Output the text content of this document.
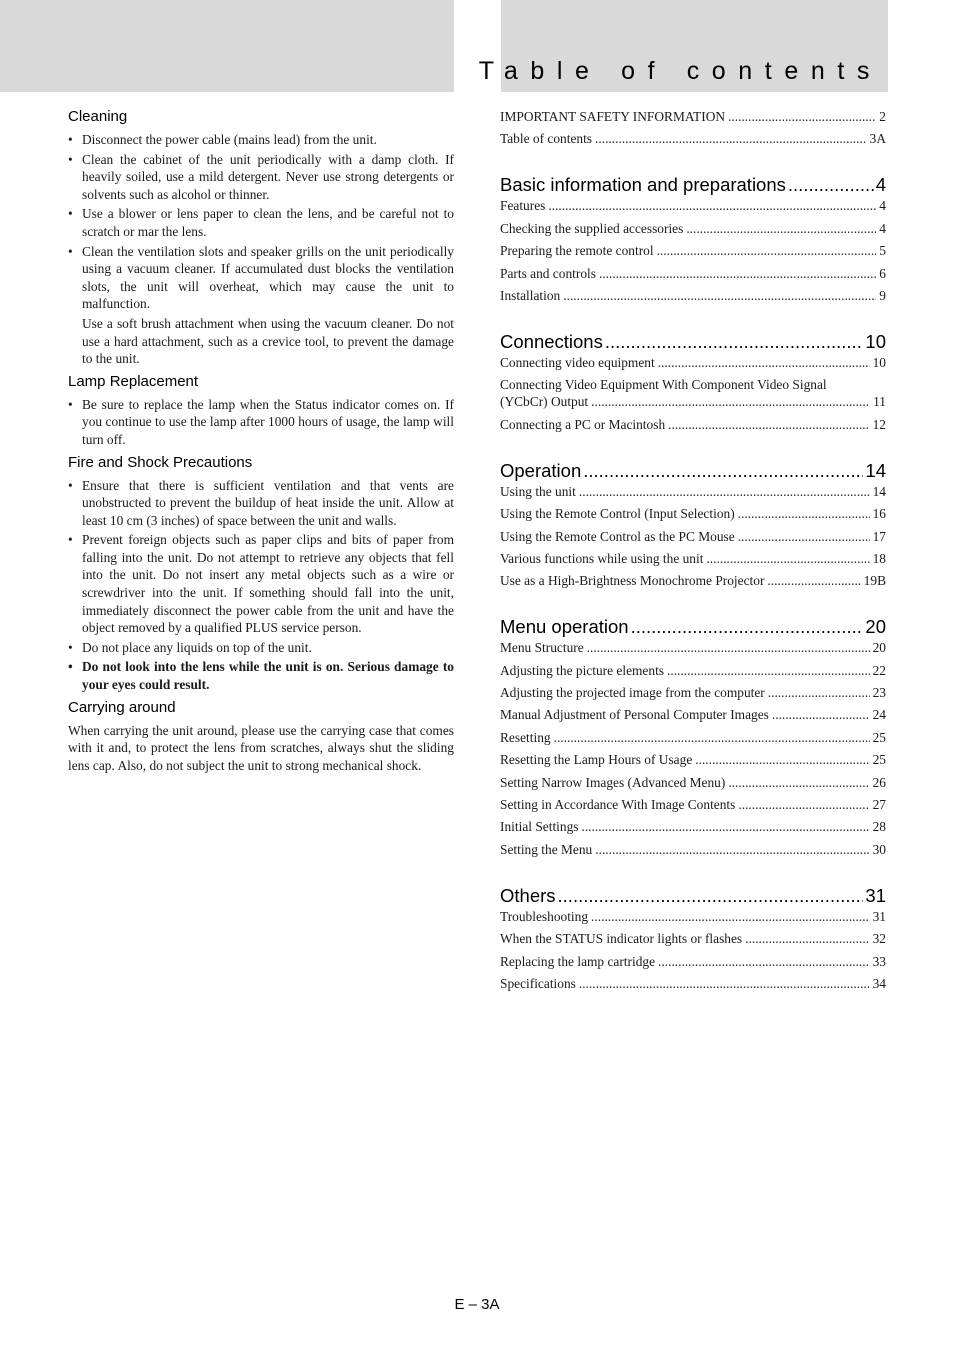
Table of contents
Cleaning
• Disconnect the power cable (mains lead) from the unit.
• Clean the cabinet of the unit periodically with a damp cloth. If heavily soiled, use a mild detergent. Never use strong detergents or solvents such as alcohol or thinner.
• Use a blower or lens paper to clean the lens, and be careful not to scratch or mar the lens.
• Clean the ventilation slots and speaker grills on the unit periodically using a vacuum cleaner. If accumulated dust blocks the ventilation slots, the unit will overheat, which may cause the unit to malfunction.
Use a soft brush attachment when using the vacuum cleaner. Do not use a hard attachment, such as a crevice tool, to prevent the damage to the unit.
Lamp Replacement
• Be sure to replace the lamp when the Status indicator comes on. If you continue to use the lamp after 1000 hours of usage, the lamp will turn off.
Fire and Shock Precautions
• Ensure that there is sufficient ventilation and that vents are unobstructed to prevent the buildup of heat inside the unit. Allow at least 10 cm (3 inches) of space between the unit and walls.
• Prevent foreign objects such as paper clips and bits of paper from falling into the unit. Do not attempt to retrieve any objects that fell into the unit. Do not insert any metal objects such as a wire or screwdriver into the unit. If something should fall into the unit, immediately disconnect the power cable from the unit and have the object removed by a qualified PLUS service person.
• Do not place any liquids on top of the unit.
• Do not look into the lens while the unit is on. Serious damage to your eyes could result.
Carrying around

When carrying the unit around, please use the carrying case that comes with it and, to protect the lens from scratches, always shut the sliding lens cap. Also, do not subject the unit to strong mechanical shock.

IMPORTANT SAFETY INFORMATION .....	2
Table of contents .....	3A
Basic information and preparations .....	4
Features .....	4
Checking the supplied accessories .....	4
Preparing the remote control .....	5
Parts and controls .....	6
Installation .....	9
Connections .....	10
Connecting video equipment .....	10
Connecting Video Equipment With Component Video Signal
(YCbCr) Output .....	11
Connecting a PC or Macintosh .....	12
Operation .....	14
Using the unit .....	14
Using the Remote Control (Input Selection) .....	16
Using the Remote Control as the PC Mouse .....	17
Various functions while using the unit .....	18
Use as a High-Brightness Monochrome Projector .....	19B
Menu operation .....	20
Menu Structure .....	20
Adjusting the picture elements .....	22
Adjusting the projected image from the computer .....	23
Manual Adjustment of Personal Computer Images .....	24
Resetting .....	25
Resetting the Lamp Hours of Usage .....	25
Setting Narrow Images (Advanced Menu) .....	26
Setting in Accordance With Image Contents .....	27
Initial Settings .....	28
Setting the Menu .....	30
Others .....	31
Troubleshooting .....	31
When the STATUS indicator lights or flashes .....	32
Replacing the lamp cartridge .....	33
Specifications .....	34
E – 3A
